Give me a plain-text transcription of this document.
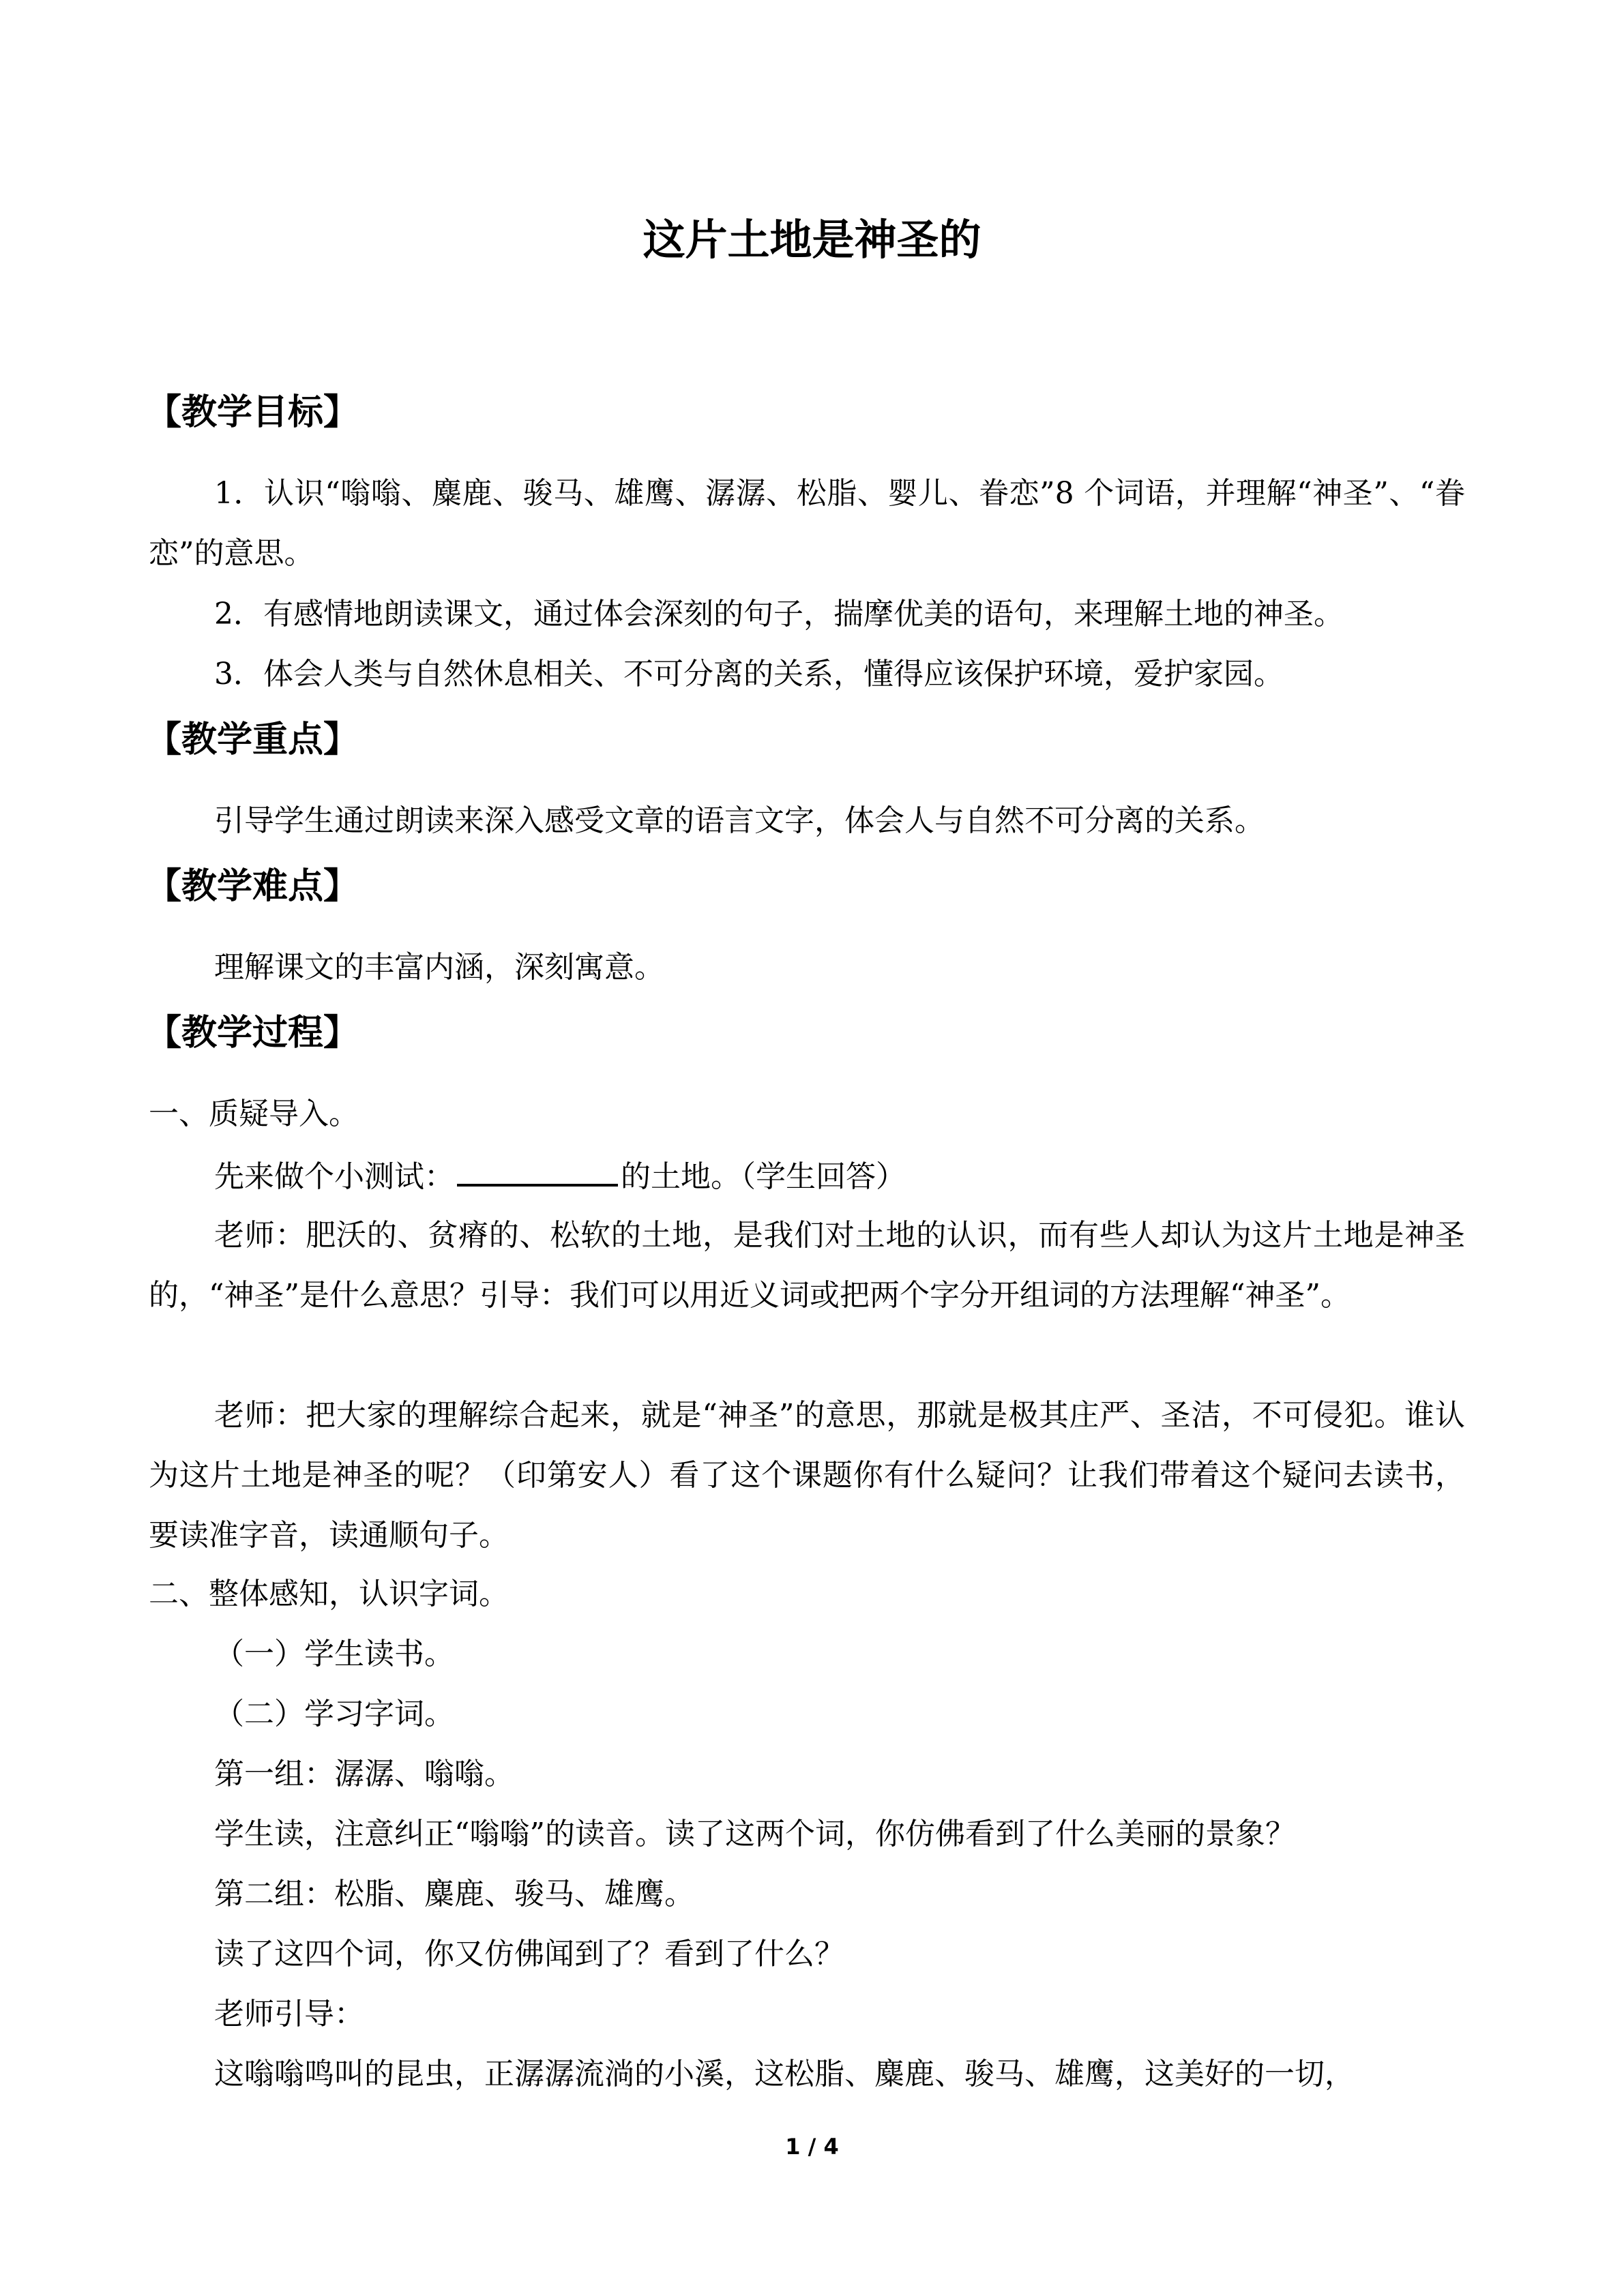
这片土地是神圣的
【教学目标】
1．认识“嗡嗡、麋鹿、骏马、雄鹰、潺潺、松脂、婴儿、眷恋”8 个词语，并理解“神圣”、“眷恋”的意思。
2．有感情地朗读课文，通过体会深刻的句子，揣摩优美的语句，来理解土地的神圣。
3．体会人类与自然休息相关、不可分离的关系，懂得应该保护环境，爱护家园。
【教学重点】
引导学生通过朗读来深入感受文章的语言文字，体会人与自然不可分离的关系。
【教学难点】
理解课文的丰富内涵，深刻寓意。
【教学过程】
一、质疑导入。
先来做个小测试：	的土地。（学生回答）
老师：肥沃的、贫瘠的、松软的土地，是我们对土地的认识，而有些人却认为这片土地是神圣的，“神圣”是什么意思？引导：我们可以用近义词或把两个字分开组词的方法理解“神圣”。
老师：把大家的理解综合起来，就是“神圣”的意思，那就是极其庄严、圣洁，不可侵犯。谁认为这片土地是神圣的呢？（印第安人）看了这个课题你有什么疑问？让我们带着这个疑问去读书，要读准字音，读通顺句子。
二、整体感知，认识字词。
（一）学生读书。
（二）学习字词。
第一组：潺潺、嗡嗡。
学生读，注意纠正“嗡嗡”的读音。读了这两个词，你仿佛看到了什么美丽的景象？
第二组：松脂、麋鹿、骏马、雄鹰。
读了这四个词，你又仿佛闻到了？看到了什么？
老师引导：
这嗡嗡鸣叫的昆虫，正潺潺流淌的小溪，这松脂、麋鹿、骏马、雄鹰，这美好的一切，
1 / 4
